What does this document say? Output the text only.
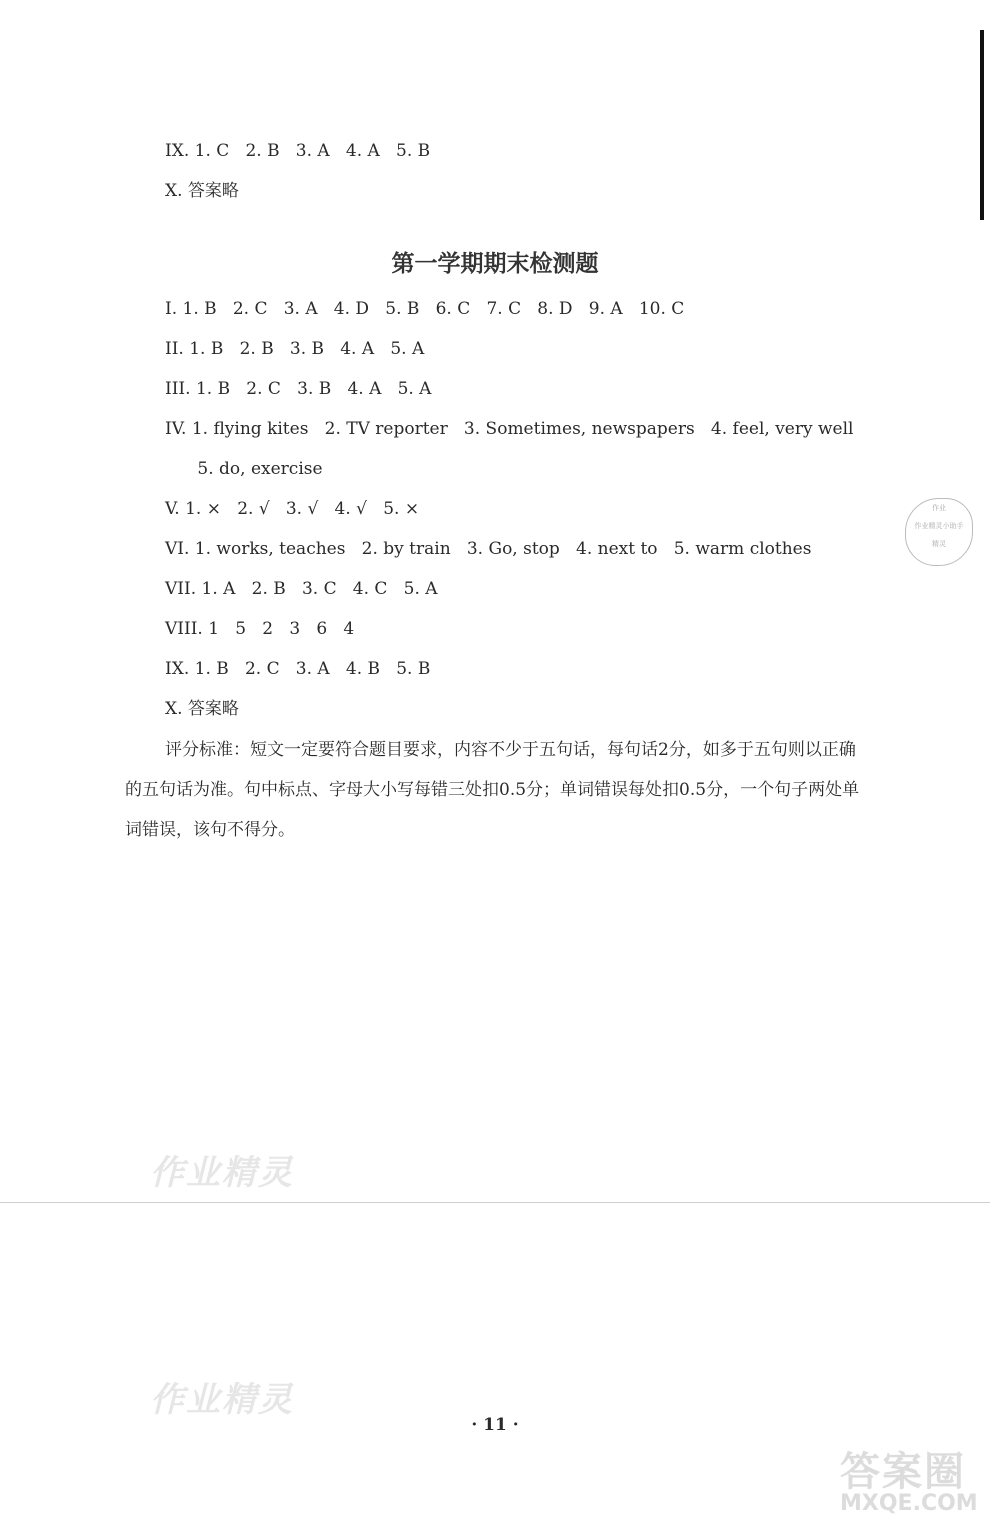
IX. 1. C   2. B   3. A   4. A   5. B
X. 答案略
第一学期期末检测题
I. 1. B   2. C   3. A   4. D   5. B   6. C   7. C   8. D   9. A   10. C
II. 1. B   2. B   3. B   4. A   5. A
III. 1. B   2. C   3. B   4. A   5. A
IV. 1. flying kites   2. TV reporter   3. Sometimes, newspapers   4. feel, very well
5. do, exercise
V. 1. ×   2. √   3. √   4. √   5. ×
VI. 1. works, teaches   2. by train   3. Go, stop   4. next to   5. warm clothes
VII. 1. A   2. B   3. C   4. C   5. A
VIII. 1   5   2   3   6   4
IX. 1. B   2. C   3. A   4. B   5. B
X. 答案略
评分标准：短文一定要符合题目要求，内容不少于五句话，每句话2分，如多于五句则以正确的五句话为准。句中标点、字母大小写每错三处扣0.5分；单词错误每处扣0.5分，一个句子两处单词错误，该句不得分。
作业
作业精灵小助手
精灵
作业精灵
作业精灵
· 11 ·
答案圈
MXQE.COM
